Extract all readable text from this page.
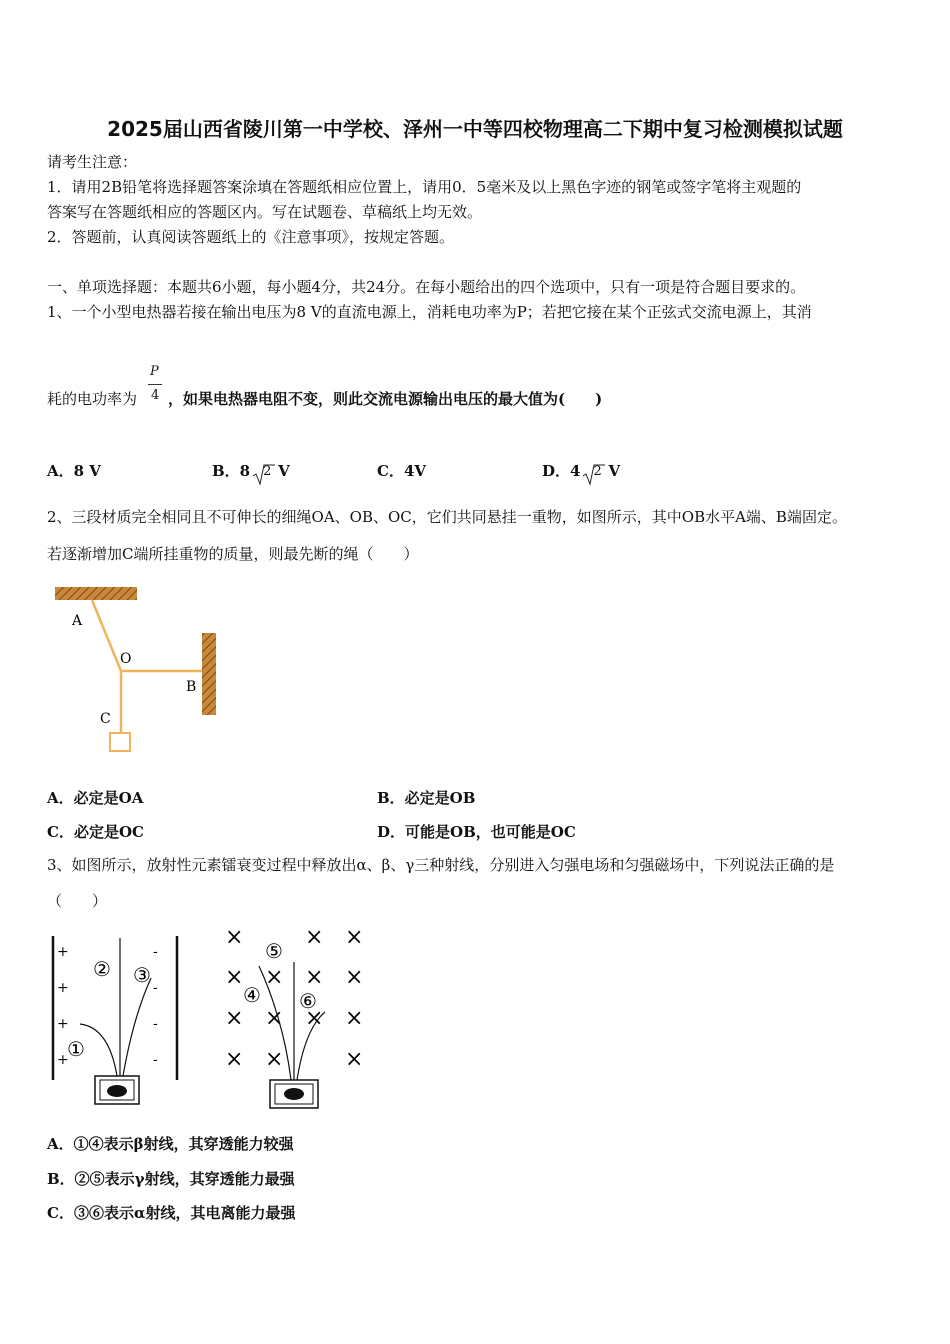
2025届山西省陵川第一中学校、泽州一中等四校物理高二下期中复习检测模拟试题
请考生注意：
1．请用2B铅笔将选择题答案涂填在答题纸相应位置上，请用0．5毫米及以上黑色字迹的钢笔或签字笔将主观题的
答案写在答题纸相应的答题区内。写在试题卷、草稿纸上均无效。
2．答题前，认真阅读答题纸上的《注意事项》，按规定答题。
一、单项选择题：本题共6小题，每小题4分，共24分。在每小题给出的四个选项中，只有一项是符合题目要求的。
1、一个小型电热器若接在输出电压为8 V的直流电源上，消耗电功率为P；若把它接在某个正弦式交流电源上，其消
耗的电功率为
P
4 ，如果电热器电阻不变，则此交流电源输出电压的最大值为(　　)
A．8 V	B．8 2 V	C．4V	D．4 2 V
2、三段材质完全相同且不可伸长的细绳OA、OB、OC，它们共同悬挂一重物，如图所示，其中OB水平A端、B端固定。
若逐渐增加C端所挂重物的质量，则最先断的绳（　　）
A
O
B
C
A．必定是OA	B．必定是OB
C．必定是OC	D．可能是OB，也可能是OC
3、如图所示，放射性元素镭衰变过程中释放出α、β、γ三种射线，分别进入匀强电场和匀强磁场中，下列说法正确的是
（　　）
+
+
+
+
-
-
-
-
①
② ③
×	× ×
× × × ×
× × × ×
× ×	×
⑤
④ ⑥
A．①④表示β射线，其穿透能力较强
B．②⑤表示γ射线，其穿透能力最强
C．③⑥表示α射线，其电离能力最强
